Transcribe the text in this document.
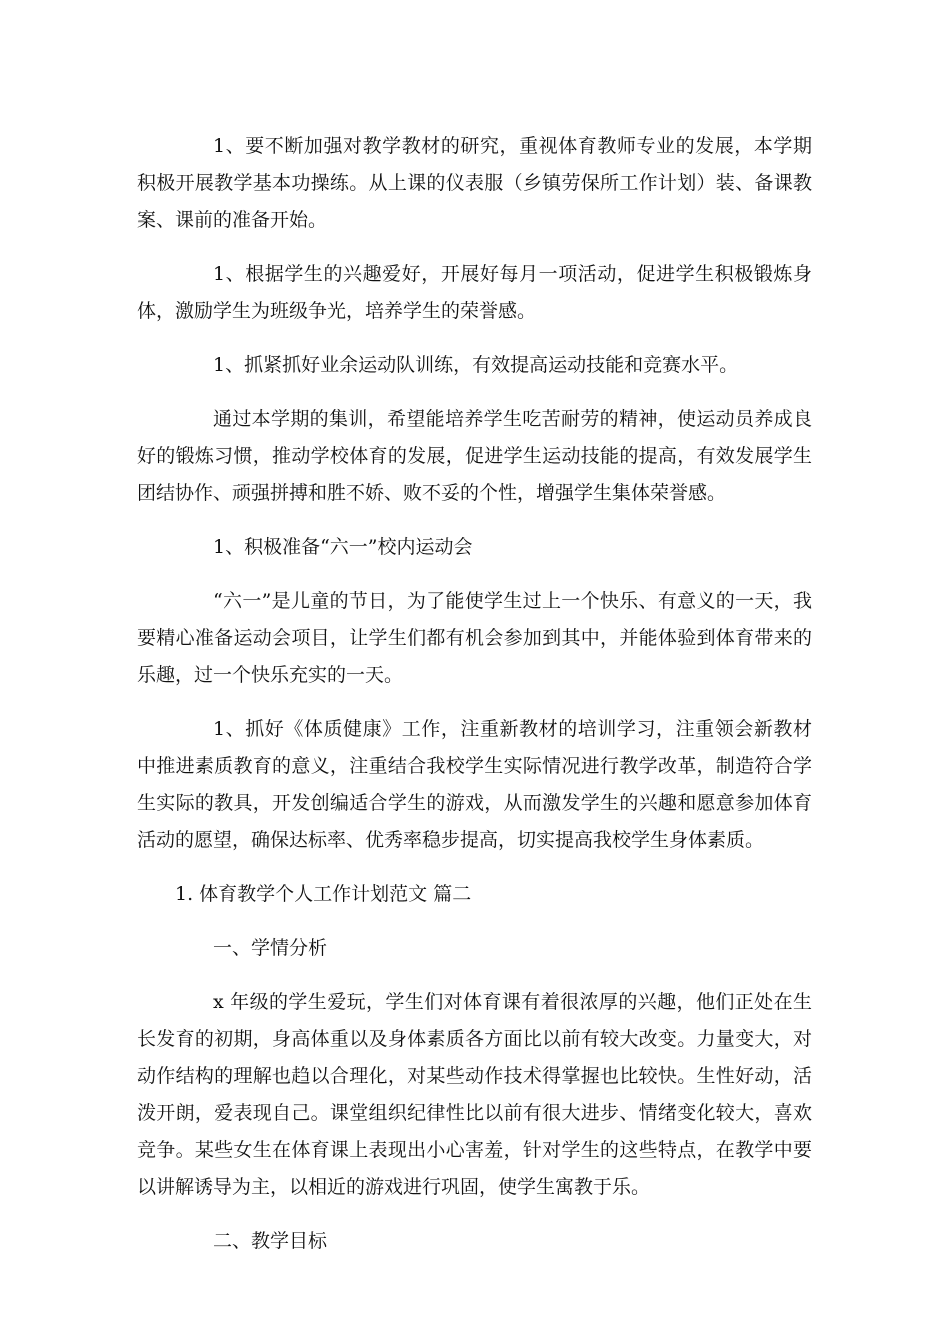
1、要不断加强对教学教材的研究，重视体育教师专业的发展，本学期积极开展教学基本功操练。从上课的仪表服（乡镇劳保所工作计划）装、备课教案、课前的准备开始。

1、根据学生的兴趣爱好，开展好每月一项活动，促进学生积极锻炼身体，激励学生为班级争光，培养学生的荣誉感。

1、抓紧抓好业余运动队训练，有效提高运动技能和竞赛水平。

通过本学期的集训，希望能培养学生吃苦耐劳的精神，使运动员养成良好的锻炼习惯，推动学校体育的发展，促进学生运动技能的提高，有效发展学生团结协作、顽强拼搏和胜不娇、败不妥的个性，增强学生集体荣誉感。

1、积极准备“六一”校内运动会

“六一”是儿童的节日，为了能使学生过上一个快乐、有意义的一天，我要精心准备运动会项目，让学生们都有机会参加到其中，并能体验到体育带来的乐趣，过一个快乐充实的一天。

1、抓好《体质健康》工作，注重新教材的培训学习，注重领会新教材中推进素质教育的意义，注重结合我校学生实际情况进行教学改革，制造符合学生实际的教具，开发创编适合学生的游戏，从而激发学生的兴趣和愿意参加体育活动的愿望，确保达标率、优秀率稳步提高，切实提高我校学生身体素质。

1. 体育教学个人工作计划范文 篇二

一、学情分析

x 年级的学生爱玩，学生们对体育课有着很浓厚的兴趣，他们正处在生长发育的初期，身高体重以及身体素质各方面比以前有较大改变。力量变大，对动作结构的理解也趋以合理化，对某些动作技术得掌握也比较快。生性好动，活泼开朗，爱表现自己。课堂组织纪律性比以前有很大进步、情绪变化较大，喜欢竞争。某些女生在体育课上表现出小心害羞，针对学生的这些特点，在教学中要以讲解诱导为主，以相近的游戏进行巩固，使学生寓教于乐。

二、教学目标
